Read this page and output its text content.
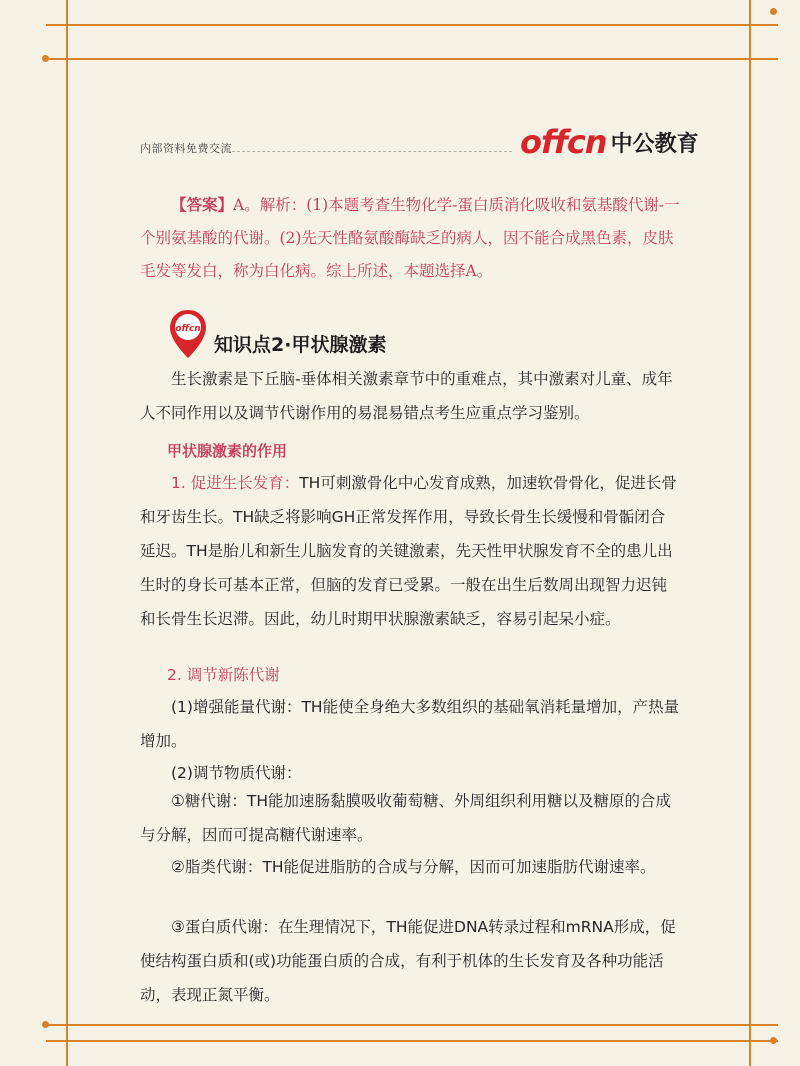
内部资料免费交流	offcn 中公教育
【答案】A。解析：(1)本题考查生物化学-蛋白质消化吸收和氨基酸代谢-一个别氨基酸的代谢。(2)先天性酪氨酸酶缺乏的病人，因不能合成黑色素，皮肤毛发等发白，称为白化病。综上所述，本题选择A。
offcn
知识点2·甲状腺激素
生长激素是下丘脑-垂体相关激素章节中的重难点，其中激素对儿童、成年人不同作用以及调节代谢作用的易混易错点考生应重点学习鉴别。
甲状腺激素的作用
1. 促进生长发育：TH可刺激骨化中心发育成熟，加速软骨骨化，促进长骨和牙齿生长。TH缺乏将影响GH正常发挥作用，导致长骨生长缓慢和骨骺闭合延迟。TH是胎儿和新生儿脑发育的关键激素，先天性甲状腺发育不全的患儿出生时的身长可基本正常，但脑的发育已受累。一般在出生后数周出现智力迟钝和长骨生长迟滞。因此，幼儿时期甲状腺激素缺乏，容易引起呆小症。
2. 调节新陈代谢
(1)增强能量代谢：TH能使全身绝大多数组织的基础氧消耗量增加，产热量增加。
(2)调节物质代谢：
①糖代谢：TH能加速肠黏膜吸收葡萄糖、外周组织利用糖以及糖原的合成与分解，因而可提高糖代谢速率。
②脂类代谢：TH能促进脂肪的合成与分解，因而可加速脂肪代谢速率。
③蛋白质代谢：在生理情况下，TH能促进DNA转录过程和mRNA形成，促使结构蛋白质和(或)功能蛋白质的合成，有利于机体的生长发育及各种功能活动，表现正氮平衡。
